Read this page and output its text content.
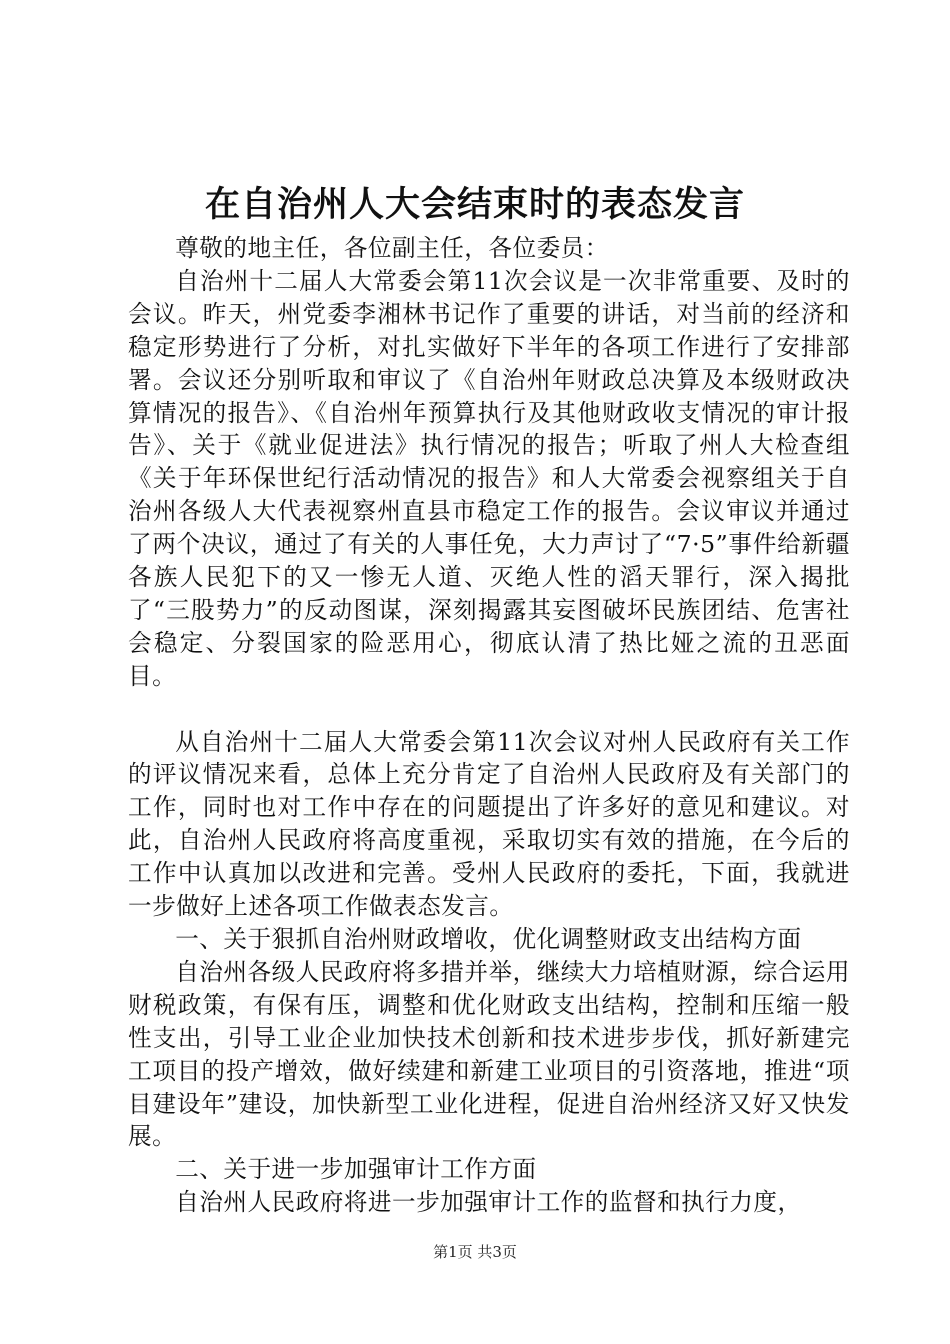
在自治州人大会结束时的表态发言

尊敬的地主任，各位副主任，各位委员：

自治州十二届人大常委会第11次会议是一次非常重要、及时的会议。昨天，州党委李湘林书记作了重要的讲话，对当前的经济和稳定形势进行了分析，对扎实做好下半年的各项工作进行了安排部署。会议还分别听取和审议了《自治州年财政总决算及本级财政决算情况的报告》、《自治州年预算执行及其他财政收支情况的审计报告》、关于《就业促进法》执行情况的报告；听取了州人大检查组《关于年环保世纪行活动情况的报告》和人大常委会视察组关于自治州各级人大代表视察州直县市稳定工作的报告。会议审议并通过了两个决议，通过了有关的人事任免，大力声讨了“7·5”事件给新疆各族人民犯下的又一惨无人道、灭绝人性的滔天罪行，深入揭批了“三股势力”的反动图谋，深刻揭露其妄图破坏民族团结、危害社会稳定、分裂国家的险恶用心，彻底认清了热比娅之流的丑恶面目。

从自治州十二届人大常委会第11次会议对州人民政府有关工作的评议情况来看，总体上充分肯定了自治州人民政府及有关部门的工作，同时也对工作中存在的问题提出了许多好的意见和建议。对此，自治州人民政府将高度重视，采取切实有效的措施，在今后的工作中认真加以改进和完善。受州人民政府的委托，下面，我就进一步做好上述各项工作做表态发言。

一、关于狠抓自治州财政增收，优化调整财政支出结构方面

自治州各级人民政府将多措并举，继续大力培植财源，综合运用财税政策，有保有压，调整和优化财政支出结构，控制和压缩一般性支出，引导工业企业加快技术创新和技术进步步伐，抓好新建完工项目的投产增效，做好续建和新建工业项目的引资落地，推进“项目建设年”建设，加快新型工业化进程，促进自治州经济又好又快发展。

二、关于进一步加强审计工作方面

自治州人民政府将进一步加强审计工作的监督和执行力度，

第1页 共3页
